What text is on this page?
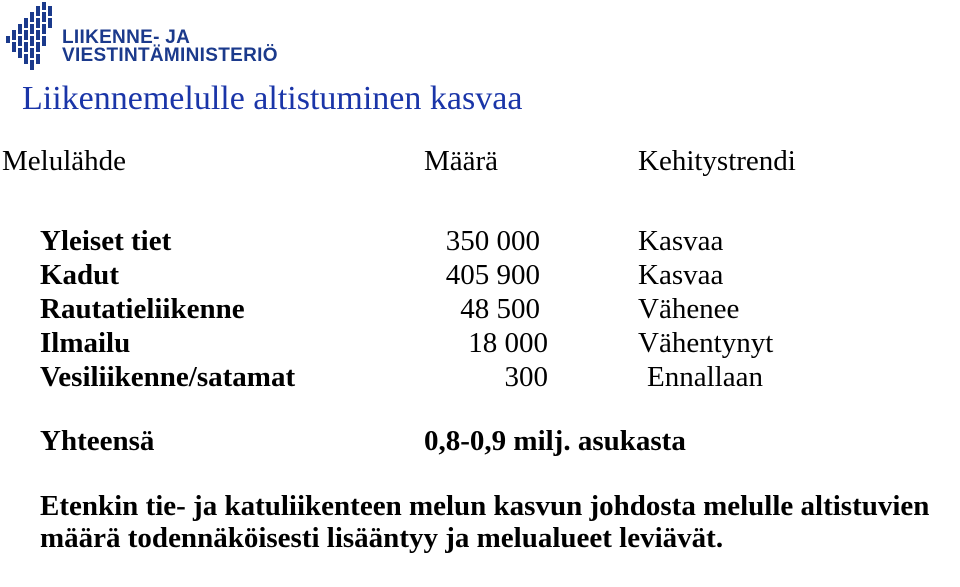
LIIKENNE- JA
VIESTINTÄMINISTERIÖ
Liikennemelulle altistuminen kasvaa
Melulähde	Määrä	Kehitystrendi
Yleiset tiet	350 000	Kasvaa
Kadut	405 900	Kasvaa
Rautatieliikenne	48 500	Vähenee
Ilmailu	18 000	Vähentynyt
Vesiliikenne/satamat	300	Ennallaan
Yhteensä	0,8-0,9 milj. asukasta
Etenkin tie- ja katuliikenteen melun kasvun johdosta melulle altistuvien määrä todennäköisesti lisääntyy ja melualueet leviävät.
